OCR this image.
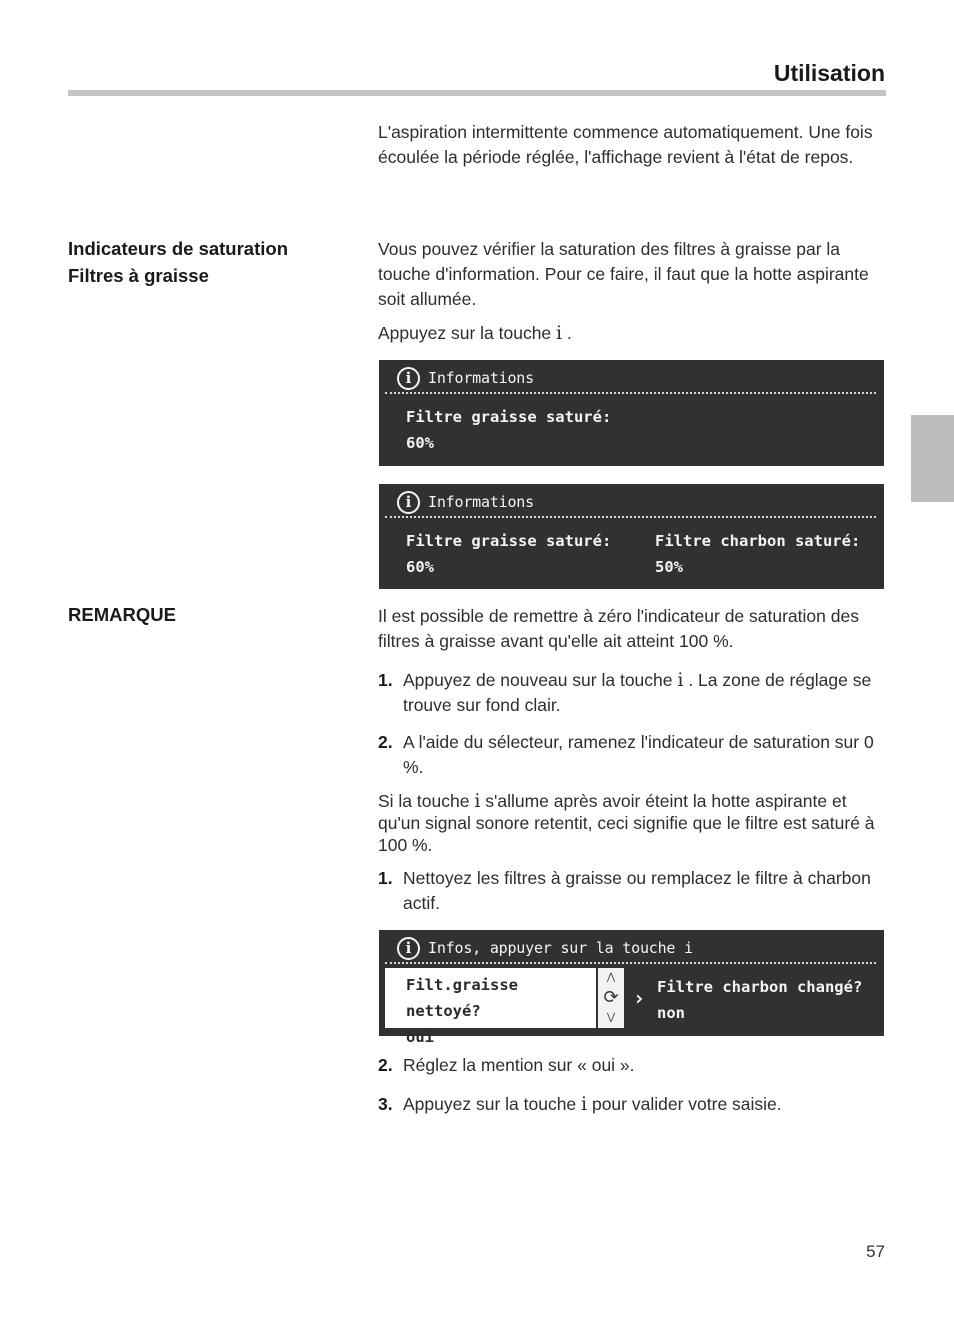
Utilisation
L'aspiration intermittente commence automatiquement. Une fois écoulée la période réglée, l'affichage revient à l'état de repos.
Indicateurs de saturation
Filtres à graisse
Vous pouvez vérifier la saturation des filtres à graisse par la touche d'information. Pour ce faire, il faut que la hotte aspirante soit allumée.
Appuyez sur la touche i .
i	Informations
Filtre graisse saturé:
60%
i	Informations
Filtre graisse saturé:
60%
Filtre charbon saturé:
50%
REMARQUE	Il est possible de remettre à zéro l'indicateur de saturation des filtres à graisse avant qu'elle ait atteint 100 %.
1. Appuyez de nouveau sur la touche i . La zone de réglage se trouve sur fond clair.
2. A l'aide du sélecteur, ramenez l'indicateur de saturation sur 0 %.
Si la touche i s'allume après avoir éteint la hotte aspirante et qu'un signal sonore retentit, ceci signifie que le filtre est saturé à 100 %.
1. Nettoyez les filtres à graisse ou remplacez le filtre à charbon actif.
i	Infos, appuyer sur la touche i
Filt.graisse nettoyé?
oui
⋀
⟳
⋁
› Filtre charbon changé?
non
2. Réglez la mention sur « oui ».
3. Appuyez sur la touche i pour valider votre saisie.
57
